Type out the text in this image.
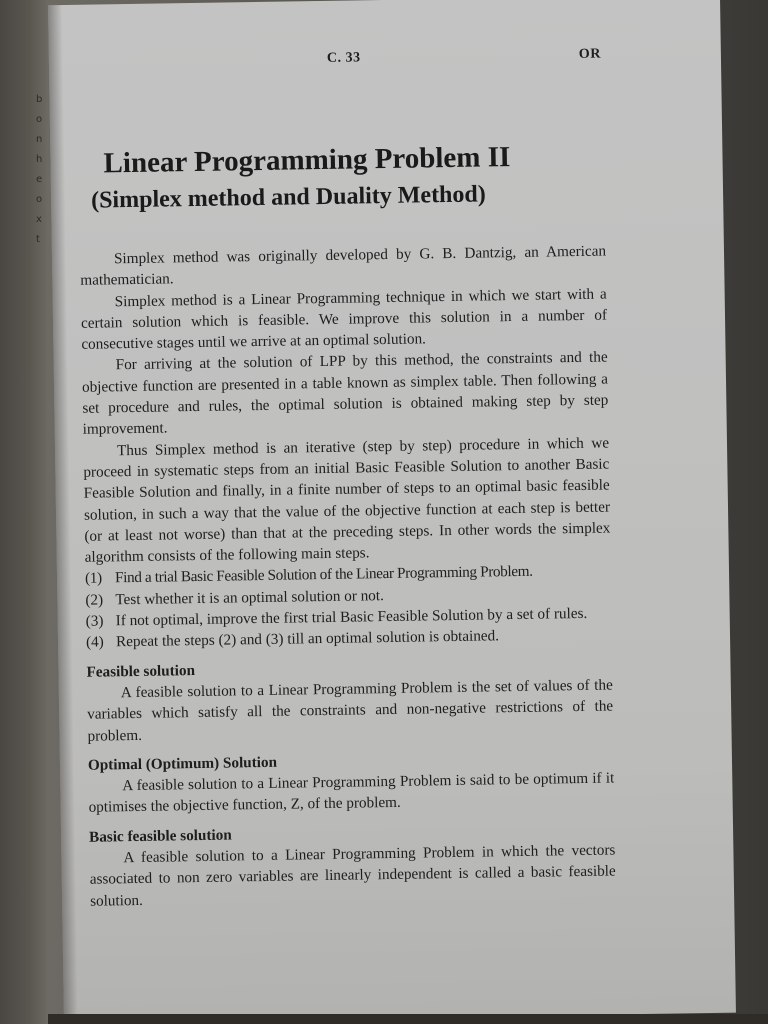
b
o
n
h
e
o
x
t
C. 33	OR
Linear Programming Problem II
(Simplex method and Duality Method)

Simplex method was originally developed by G. B. Dantzig, an American mathematician.

Simplex method is a Linear Programming technique in which we start with a certain solution which is feasible. We improve this solution in a number of consecutive stages until we arrive at an optimal solution.

For arriving at the solution of LPP by this method, the constraints and the objective function are presented in a table known as simplex table. Then following a set procedure and rules, the optimal solution is obtained making step by step improvement.

Thus Simplex method is an iterative (step by step) procedure in which we proceed in systematic steps from an initial Basic Feasible Solution to another Basic Feasible Solution and finally, in a finite number of steps to an optimal basic feasible solution, in such a way that the value of the objective function at each step is better (or at least not worse) than that at the preceding steps. In other words the simplex algorithm consists of the following main steps.

(1) Find a trial Basic Feasible Solution of the Linear Programming Problem.
(2) Test whether it is an optimal solution or not.
(3) If not optimal, improve the first trial Basic Feasible Solution by a set of rules.
(4) Repeat the steps (2) and (3) till an optimal solution is obtained.
Feasible solution

A feasible solution to a Linear Programming Problem is the set of values of the variables which satisfy all the constraints and non-negative restrictions of the problem.

Optimal (Optimum) Solution

A feasible solution to a Linear Programming Problem is said to be optimum if it optimises the objective function, Z, of the problem.

Basic feasible solution

A feasible solution to a Linear Programming Problem in which the vectors associated to non zero variables are linearly independent is called a basic feasible solution.
